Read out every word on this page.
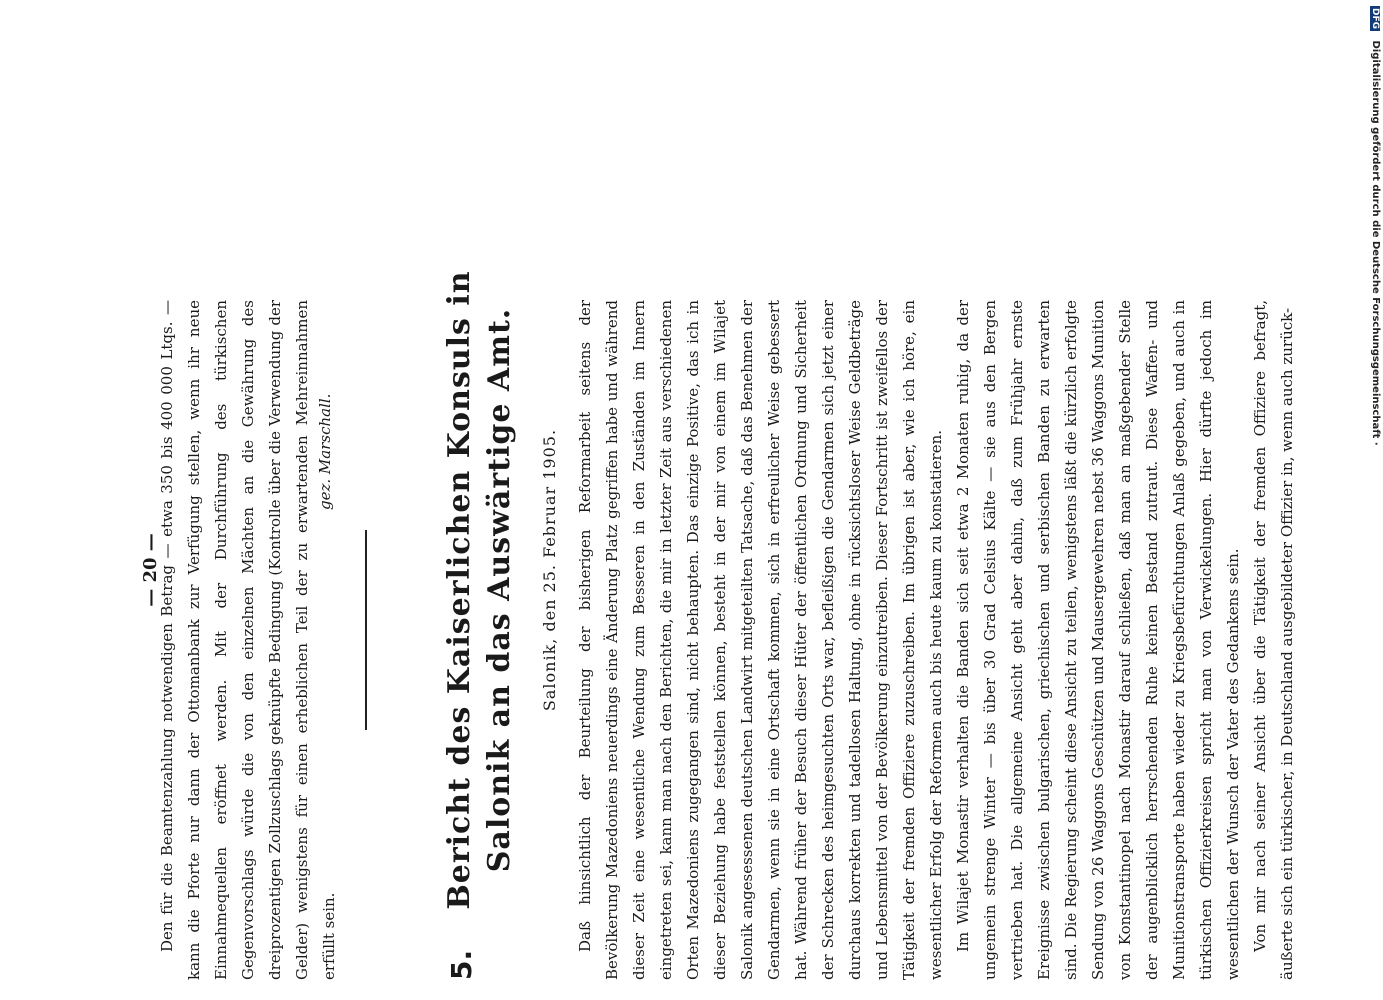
— 20 —

Den für die Beamtenzahlung notwendigen Betrag — etwa 350 bis 400 000 Ltqs. — kann die Pforte nur dann der Ottomanbank zur Verfügung stellen, wenn ihr neue Einnahmequellen eröffnet werden. Mit der Durchführung des türkischen Gegenvorschlags würde die von den einzelnen Mächten an die Gewährung des dreiprozentigen Zollzuschlags geknüpfte Bedingung (Kontrolle über die Verwendung der Gelder) wenigstens für einen erheblichen Teil der zu erwartenden Mehreinnahmen erfüllt sein.

gez. Marschall.
5.
Bericht des Kaiserlichen Konsuls in Salonik an das Auswärtige Amt. Salonik, den 25. Februar 1905. Daß hinsichtlich der Beurteilung der bisherigen Reformarbeit seitens der Bevölkerung Mazedoniens neuerdings eine Änderung Platz gegriffen habe und während dieser Zeit eine wesentliche Wendung zum Besseren in den Zuständen im Innern eingetreten sei, kann man nach den Berichten, die mir in letzter Zeit aus verschiedenen Orten Mazedoniens zugegangen sind, nicht behaupten. Das einzige Positive, das ich in dieser Beziehung habe feststellen können, besteht in der mir von einem im Wilajet Salonik angesessenen deutschen Landwirt mitgeteilten Tatsache, daß das Benehmen der Gendarmen, wenn sie in eine Ortschaft kommen, sich in erfreulicher Weise gebessert hat. Während früher der Besuch dieser Hüter der öffentlichen Ordnung und Sicherheit der Schrecken des heimgesuchten Orts war, befleißigen die Gendarmen sich jetzt einer durchaus korrekten und tadellosen Haltung, ohne in rücksichtsloser Weise Geldbeträge und Lebensmittel von der Bevölkerung einzutreiben. Dieser Fortschritt ist zweifellos der Tätigkeit der fremden Offiziere zuzuschreiben. Im übrigen ist aber, wie ich höre, ein wesentlicher Erfolg der Reformen auch bis heute kaum zu konstatieren. Im Wilajet Monastir verhalten die Banden sich seit etwa 2 Monaten ruhig, da der ungemein strenge Winter — bis über 30 Grad Celsius Kälte — sie aus den Bergen vertrieben hat. Die allgemeine Ansicht geht aber dahin, daß zum Frühjahr ernste Ereignisse zwischen bulgarischen, griechischen und serbischen Banden zu erwarten sind. Die Regierung scheint diese Ansicht zu teilen, wenigstens läßt die kürzlich erfolgte Sendung von 26 Waggons Geschützen und Mausergewehren nebst 36 Waggons Munition von Konstantinopel nach Monastir darauf schließen, daß man an maßgebender Stelle der augenblicklich herrschenden Ruhe keinen Bestand zutraut. Diese Waffen- und Munitionstransporte haben wieder zu Kriegsbefürchtungen Anlaß gegeben, und auch in türkischen Offizierkreisen spricht man von Verwickelungen. Hier dürfte jedoch im wesentlichen der Wunsch der Vater des Gedankens sein. Von mir nach seiner Ansicht über die Tätigkeit der fremden Offiziere befragt, äußerte sich ein türkischer, in Deutschland ausgebildeter Offizier in, wenn auch zurück-

DFG Digitalisierung gefördert durch die Deutsche Forschungsgemeinschaft ·
